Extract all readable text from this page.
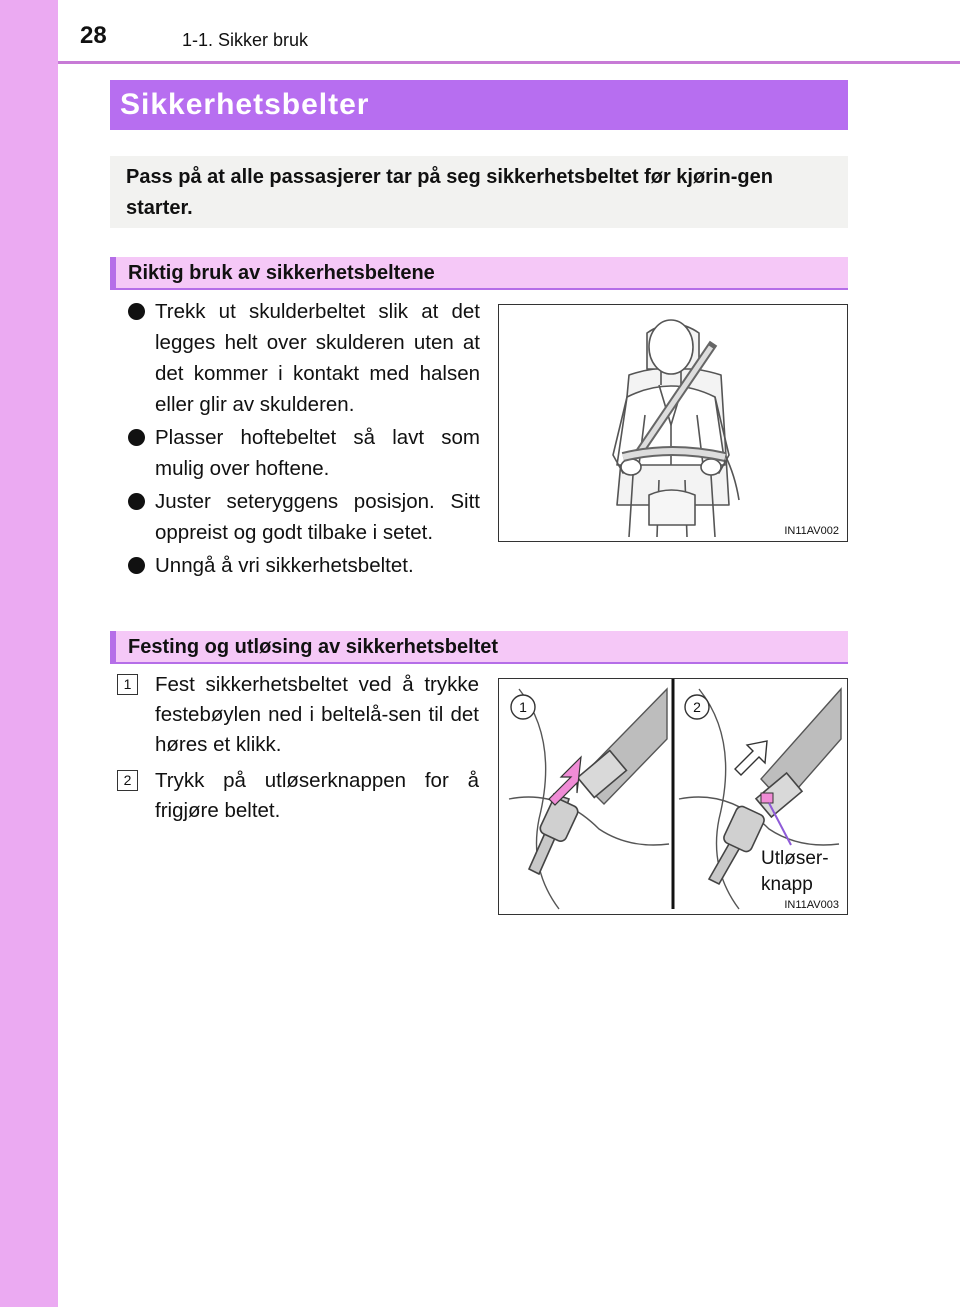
28	1-1. Sikker bruk
Sikkerhetsbelter
Pass på at alle passasjerer tar på seg sikkerhetsbeltet før kjørin-gen starter.
Riktig bruk av sikkerhetsbeltene
Trekk ut skulderbeltet slik at det legges helt over skulderen uten at det kommer i kontakt med halsen eller glir av skulderen.
Plasser hoftebeltet så lavt som mulig over hoftene.
Juster seteryggens posisjon. Sitt oppreist og godt tilbake i setet.
Unngå å vri sikkerhetsbeltet.
IN11AV002
Festing og utløsing av sikkerhetsbeltet
1	Fest sikkerhetsbeltet ved å trykke festebøylen ned i beltelå-sen til det høres et klikk.
2	Trykk på utløserknappen for å frigjøre beltet.
1	2
Utløser-
knapp
IN11AV003
